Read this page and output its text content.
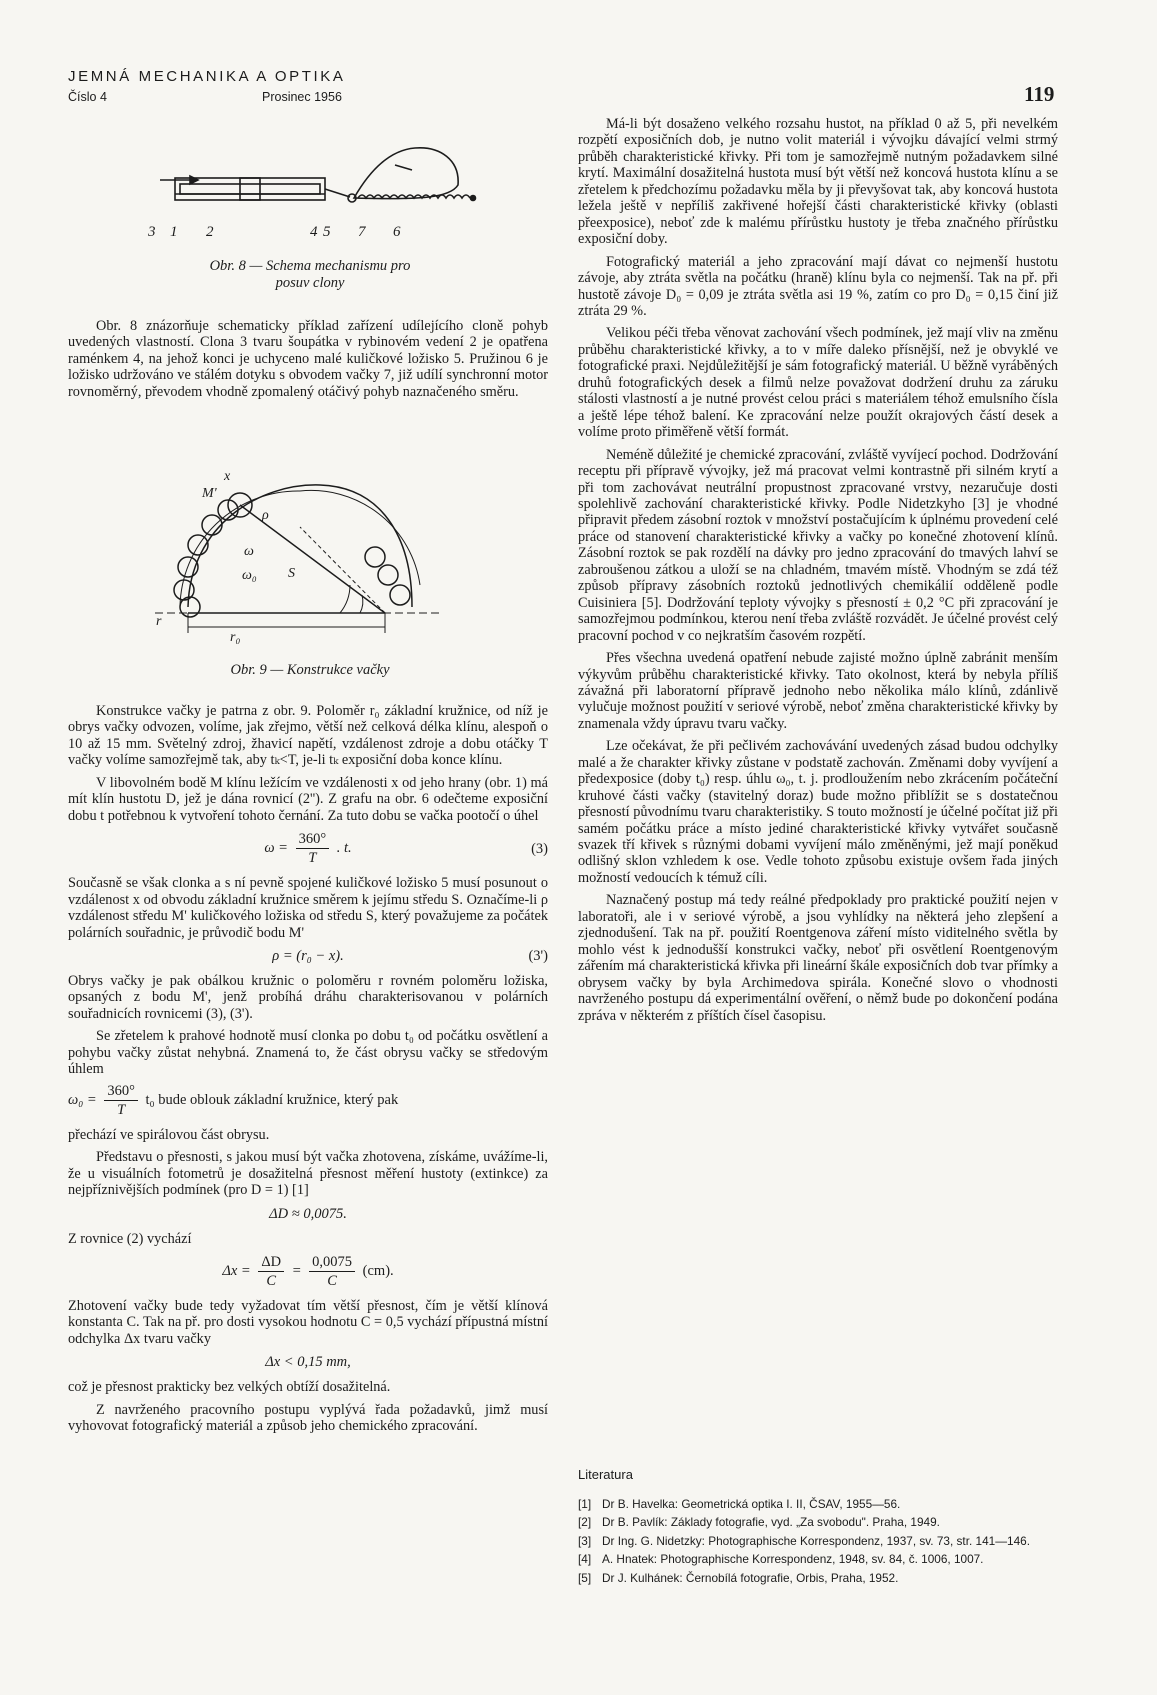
JEMNÁ MECHANIKA A OPTIKA
Číslo 4	Prosinec 1956	119
3 1 2	4 5 7 6
Obr. 8 — Schema mechanismu pro
posuv clony

Obr. 8 znázorňuje schematicky příklad zařízení udílejícího cloně pohyb uvedených vlastností. Clona 3 tvaru šoupátka v rybinovém vedení 2 je opatřena raménkem 4, na jehož konci je uchyceno malé kuličkové ložisko 5. Pružinou 6 je ložisko udržováno ve stálém dotyku s obvodem vačky 7, již udílí synchronní motor rovnoměrný, převodem vhodně zpomalený otáčivý pohyb naznačeného směru.

x
M'
ρ
ω
ω₀ S
r
r₀
Obr. 9 — Konstrukce vačky

Konstrukce vačky je patrna z obr. 9. Poloměr r₀ základní kružnice, od níž je obrys vačky odvozen, volíme, jak zřejmo, větší než celková délka klínu, alespoň o 10 až 15 mm. Světelný zdroj, žhavicí napětí, vzdálenost zdroje a dobu otáčky T vačky volíme samozřejmě tak, aby tₖ<T, je-li tₖ exposiční doba konce klínu.

V libovolném bodě M klínu ležícím ve vzdálenosti x od jeho hrany (obr. 1) má mít klín hustotu D, jež je dána rovnicí (2''). Z grafu na obr. 6 odečteme exposiční dobu t potřebnou k vytvoření tohoto černání. Za tuto dobu se vačka pootočí o úhel

$\omega = \frac{360^\circ}{T}$ . t.	(3)

Současně se však clonka a s ní pevně spojené kuličkové ložisko 5 musí posunout o vzdálenost x od obvodu základní kružnice směrem k jejímu středu S. Označíme-li ρ vzdálenost středu M' kuličkového ložiska od středu S, který považujeme za počátek polárních souřadnic, je průvodič bodu M'

ρ = (r₀ − x).	(3')

Obrys vačky je pak obálkou kružnic o poloměru r rovném poloměru ložiska, opsaných z bodu M', jenž probíhá dráhu charakterisovanou v polárních souřadnicích rovnicemi (3), (3').

Se zřetelem k prahové hodnotě musí clonka po dobu t₀ od počátku osvětlení a pohybu vačky zůstat nehybná. Znamená to, že část obrysu vačky se středovým úhlem

$\omega_0 = \frac{360^\circ}{T} t_0$ bude oblouk základní kružnice, který pak

přechází ve spirálovou část obrysu.

Představu o přesnosti, s jakou musí být vačka zhotovena, získáme, uvážíme-li, že u visuálních fotometrů je dosažitelná přesnost měření hustoty (extinkce) za nejpříznivějších podmínek (pro D = 1) [1]

ΔD ≈ 0,0075.

Z rovnice (2) vychází

$\Delta x = \frac{\Delta D}{C} = \frac{0,0075}{C} (cm)$.

Zhotovení vačky bude tedy vyžadovat tím větší přesnost, čím je větší klínová konstanta C. Tak na př. pro dosti vysokou hodnotu C = 0,5 vychází přípustná místní odchylka Δx tvaru vačky

Δx < 0,15 mm,

což je přesnost prakticky bez velkých obtíží dosažitelná.

Z navrženého pracovního postupu vyplývá řada požadavků, jimž musí vyhovovat fotografický materiál a způsob jeho chemického zpracování.

Má-li být dosaženo velkého rozsahu hustot, na příklad 0 až 5, při nevelkém rozpětí exposičních dob, je nutno volit materiál i vývojku dávající velmi strmý průběh charakteristické křivky. Při tom je samozřejmě nutným požadavkem silné krytí. Maximální dosažitelná hustota musí být větší než koncová hustota klínu a se zřetelem k předchozímu požadavku měla by ji převyšovat tak, aby koncová hustota ležela ještě v nepříliš zakřivené hořejší části charakteristické křivky (oblasti přeexposice), neboť zde k malému přírůstku hustoty je třeba značného přírůstku exposiční doby.

Fotografický materiál a jeho zpracování mají dávat co nejmenší hustotu závoje, aby ztráta světla na počátku (hraně) klínu byla co nejmenší. Tak na př. při hustotě závoje D₀ = 0,09 je ztráta světla asi 19 %, zatím co pro D₀ = 0,15 činí již ztráta 29 %.

Velikou péči třeba věnovat zachování všech podmínek, jež mají vliv na změnu průběhu charakteristické křivky, a to v míře daleko přísnější, než je obvyklé ve fotografické praxi. Nejdůležitější je sám fotografický materiál. U běžně vyráběných druhů fotografických desek a filmů nelze považovat dodržení druhu za záruku stálosti vlastností a je nutné provést celou práci s materiálem téhož emulsního čísla a ještě lépe téhož balení. Ke zpracování nelze použít okrajových částí desek a volíme proto přiměřeně větší formát.

Neméně důležité je chemické zpracování, zvláště vyvíjecí pochod. Dodržování receptu při přípravě vývojky, jež má pracovat velmi kontrastně při silném krytí a při tom zachovávat neutrální propustnost zpracované vrstvy, nezaručuje dosti spolehlivě zachování charakteristické křivky. Podle Nidetzkyho [3] je vhodné připravit předem zásobní roztok v množství postačujícím k úplnému provedení celé práce od stanovení charakteristické křivky a vačky po konečné zhotovení klínů. Zásobní roztok se pak rozdělí na dávky pro jedno zpracování do tmavých lahví se zabroušenou zátkou a uloží se na chladném, tmavém místě. Vhodným se zdá též způsob přípravy zásobních roztoků jednotlivých chemikálií odděleně podle Cuisiniera [5]. Dodržování teploty vývojky s přesností ± 0,2 °C při zpracování je samozřejmou podmínkou, kterou není třeba zvláště rozvádět. Je účelné provést celý pracovní pochod v co nejkratším časovém rozpětí.

Přes všechna uvedená opatření nebude zajisté možno úplně zabránit menším výkyvům průběhu charakteristické křivky. Tato okolnost, která by nebyla příliš závažná při laboratorní přípravě jednoho nebo několika málo klínů, zdánlivě vylučuje možnost použití v seriové výrobě, neboť změna charakteristické křivky by znamenala vždy úpravu tvaru vačky.

Lze očekávat, že při pečlivém zachovávání uvedených zásad budou odchylky malé a že charakter křivky zůstane v podstatě zachován. Změnami doby vyvíjení a předexposice (doby t₀) resp. úhlu ω₀, t. j. prodloužením nebo zkrácením počáteční kruhové části vačky (stavitelný doraz) bude možno přiblížit se s dostatečnou přesností původnímu tvaru charakteristiky. S touto možností je účelné počítat již při samém počátku práce a místo jediné charakteristické křivky vytvářet současně svazek tří křivek s různými dobami vyvíjení málo změněnými, jež mají poněkud odlišný sklon vzhledem k ose. Vedle tohoto způsobu existuje ovšem řada jiných možností vedoucích k témuž cíli.

Naznačený postup má tedy reálné předpoklady pro praktické použití nejen v laboratoři, ale i v seriové výrobě, a jsou vyhlídky na některá jeho zlepšení a zjednodušení. Tak na př. použití Roentgenova záření místo viditelného světla by mohlo vést k jednodušší konstrukci vačky, neboť při osvětlení Roentgenovým zářením má charakteristická křivka při lineární škále exposičních dob tvar přímky a obrysem vačky by byla Archimedova spirála. Konečné slovo o vhodnosti navrženého postupu dá experimentální ověření, o němž bude po dokončení podána zpráva v některém z příštích čísel časopisu.

Literatura
[1] Dr B. Havelka: Geometrická optika I. II, ČSAV, 1955—56.
[2] Dr B. Pavlík: Základy fotografie, vyd. „Za svobodu". Praha, 1949.
[3] Dr Ing. G. Nidetzky: Photographische Korrespondenz, 1937, sv. 73, str. 141—146.
[4] A. Hnatek: Photographische Korrespondenz, 1948, sv. 84, č. 1006, 1007.
[5] Dr J. Kulhánek: Černobílá fotografie, Orbis, Praha, 1952.
